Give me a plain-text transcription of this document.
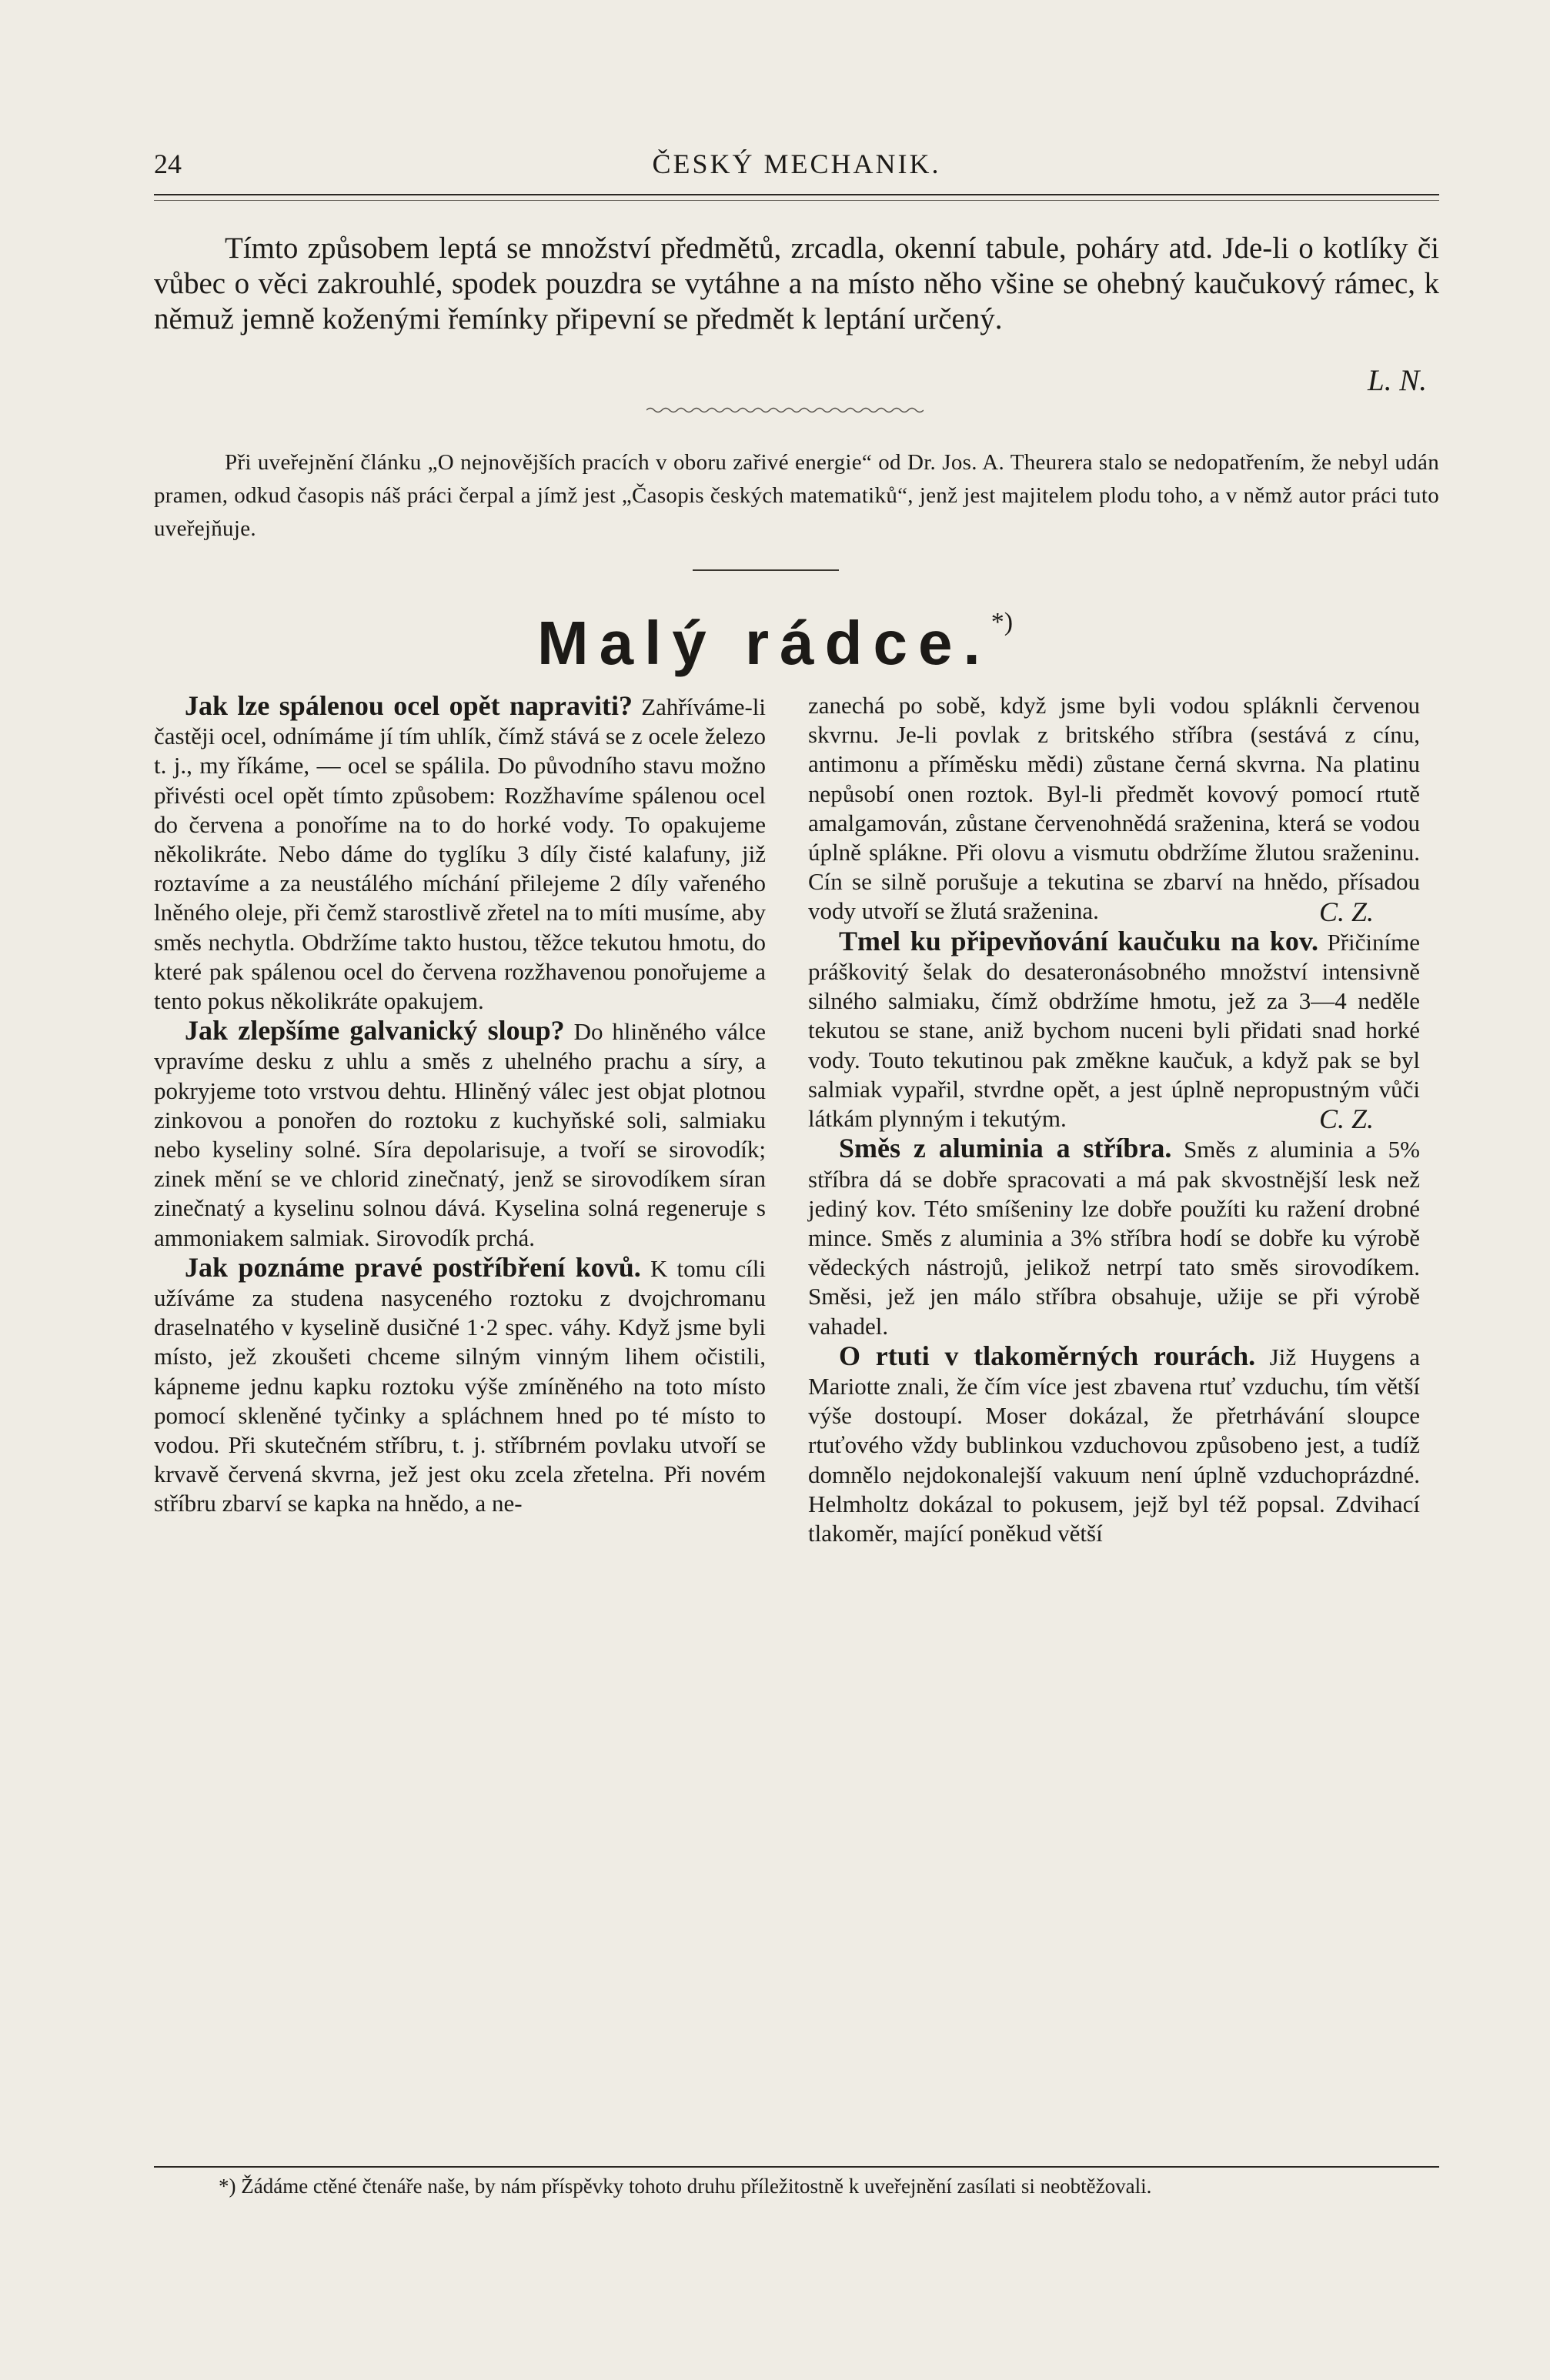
24	ČESKÝ MECHANIK.

Tímto způsobem leptá se množství předmětů, zrcadla, okenní tabule, poháry atd. Jde-li o kotlíky či vůbec o věci zakrouhlé, spodek pouzdra se vytáhne a na místo něho všine se ohebný kaučukový rámec, k němuž jemně koženými řemínky připevní se předmět k leptání určený.

L. N.

Při uveřejnění článku „O nejnovějších pracích v oboru zařivé energie“ od Dr. Jos. A. Theurera stalo se nedopatřením, že nebyl udán pramen, odkud časopis náš práci čerpal a jímž jest „Časopis českých matematiků“, jenž jest majitelem plodu toho, a v němž autor práci tuto uveřejňuje.

Malý rádce.*)

Jak lze spálenou ocel opět napraviti? Zahříváme-li častěji ocel, odnímáme jí tím uhlík, čímž stává se z ocele železo t. j., my říkáme, — ocel se spálila. Do původního stavu možno přivésti ocel opět tímto způsobem: Rozžhavíme spálenou ocel do červena a ponoříme na to do horké vody. To opakujeme několikráte. Nebo dáme do tyglíku 3 díly čisté kalafuny, již roztavíme a za neustálého míchání přilejeme 2 díly vařeného lněného oleje, při čemž starostlivě zřetel na to míti musíme, aby směs nechytla. Obdržíme takto hustou, těžce tekutou hmotu, do které pak spálenou ocel do červena rozžhavenou ponořujeme a tento pokus několikráte opakujem.

Jak zlepšíme galvanický sloup? Do hliněného válce vpravíme desku z uhlu a směs z uhelného prachu a síry, a pokryjeme toto vrstvou dehtu. Hliněný válec jest objat plotnou zinkovou a ponořen do roztoku z kuchyňské soli, salmiaku nebo kyseliny solné. Síra depolarisuje, a tvoří se sirovodík; zinek mění se ve chlorid zinečnatý, jenž se sirovodíkem síran zinečnatý a kyselinu solnou dává. Kyselina solná regeneruje s ammoniakem salmiak. Sirovodík prchá.

Jak poznáme pravé postříbření kovů. K tomu cíli užíváme za studena nasyceného roztoku z dvojchromanu draselnatého v kyselině dusičné 1·2 spec. váhy. Když jsme byli místo, jež zkoušeti chceme silným vinným lihem očistili, kápneme jednu kapku roztoku výše zmíněného na toto místo pomocí skleněné tyčinky a spláchnem hned po té místo to vodou. Při skutečném stříbru, t. j. stříbrném povlaku utvoří se krvavě červená skvrna, jež jest oku zcela zřetelna. Při novém stříbru zbarví se kapka na hnědo, a ne-

zanechá po sobě, když jsme byli vodou spláknli červenou skvrnu. Je-li povlak z britského stříbra (sestává z cínu, antimonu a příměsku mědi) zůstane černá skvrna. Na platinu nepůsobí onen roztok. Byl-li předmět kovový pomocí rtutě amalgamován, zůstane červenohnědá sraženina, která se vodou úplně spláknе. Při olovu a vismutu obdržíme žlutou sraženinu. Cín se silně porušuje a tekutina se zbarví na hnědo, přísadou vody utvoří se žlutá sraženina.	C. Z.

Tmel ku připevňování kaučuku na kov. Přičiníme práškovitý šelak do desateronásobného množství intensivně silného salmiaku, čímž obdržíme hmotu, jež za 3—4 neděle tekutou se stane, aniž bychom nuceni byli přidati snad horké vody. Touto tekutinou pak změkne kaučuk, a když pak se byl salmiak vypařil, stvrdne opět, a jest úplně nepropustným vůči látkám plynným i tekutým.	C. Z.

Směs z aluminia a stříbra. Směs z aluminia a 5% stříbra dá se dobře spracovati a má pak skvostnější lesk než jediný kov. Této smíšeniny lze dobře použíti ku ražení drobné mince. Směs z aluminia a 3% stříbra hodí se dobře ku výrobě vědeckých nástrojů, jelikož netrpí tato směs sirovodíkem. Směsi, jež jen málo stříbra obsahuje, užije se při výrobě vahadel.

O rtuti v tlakoměrných rourách. Již Huygens a Mariotte znali, že čím více jest zbavena rtuť vzduchu, tím větší výše dostoupí. Moser dokázal, že přetrhávání sloupce rtuťového vždy bublinkou vzduchovou způsobeno jest, a tudíž domnělo nejdokonalejší vakuum není úplně vzduchoprázdné. Helmholtz dokázal to pokusem, jejž byl též popsal. Zdvihací tlakoměr, mající poněkud větší

*) Žádáme ctěné čtenáře naše, by nám příspěvky tohoto druhu příležitostně k uveřejnění zasílati si neobtěžovali.
